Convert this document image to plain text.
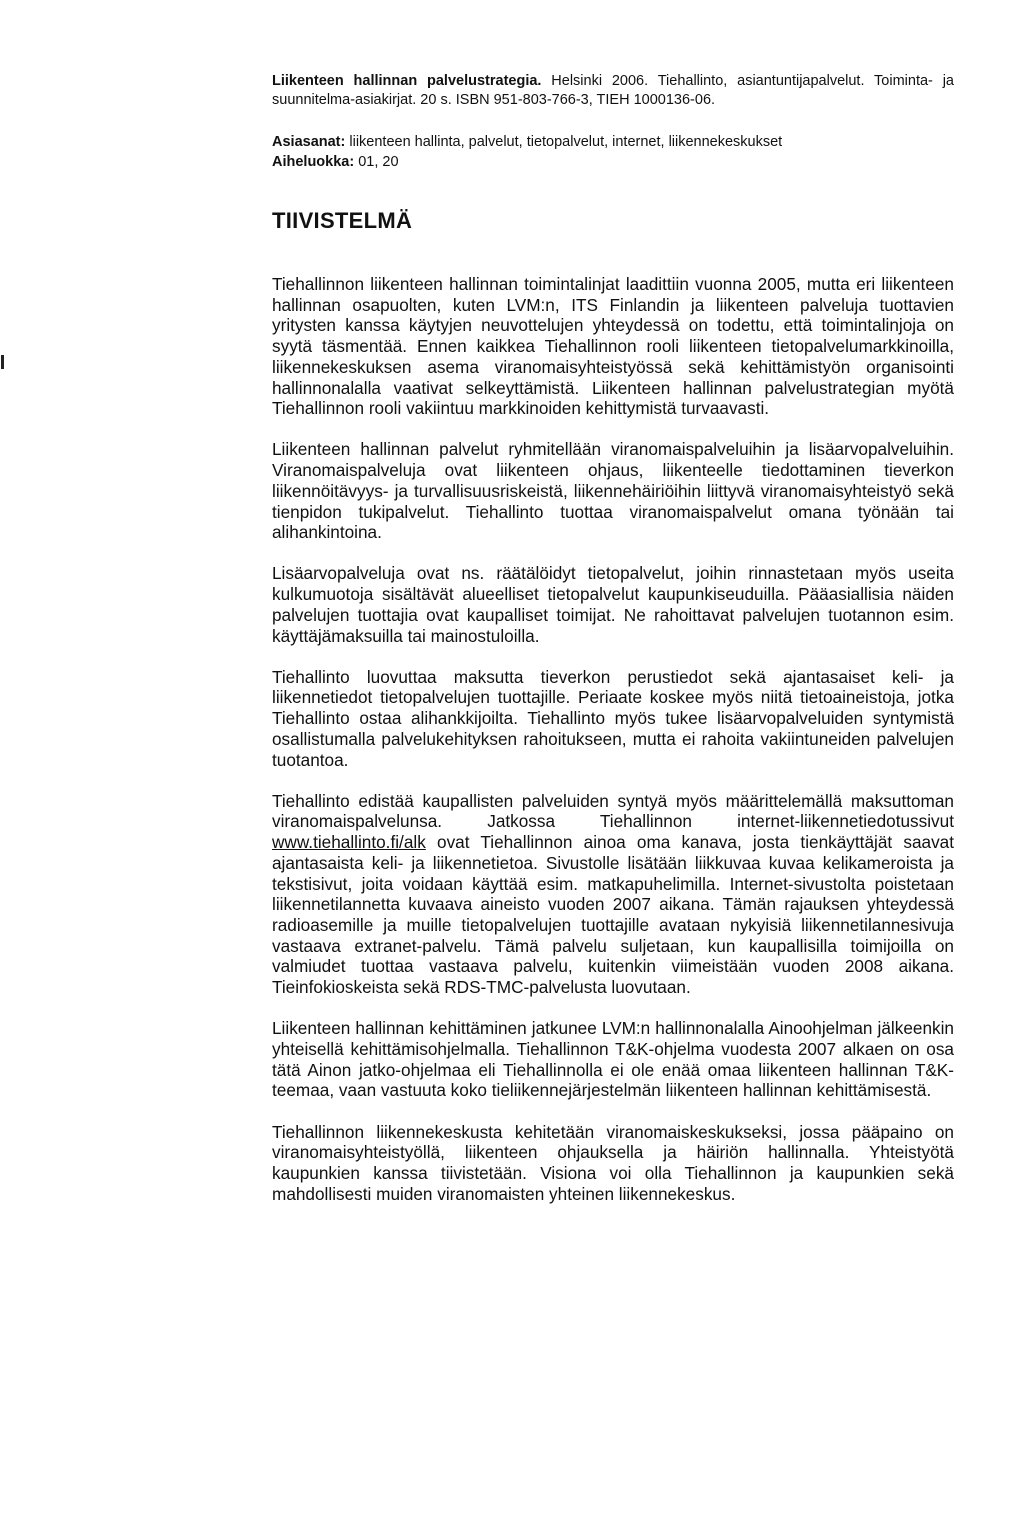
Liikenteen hallinnan palvelustrategia. Helsinki 2006. Tiehallinto, asiantuntijapalvelut. Toiminta- ja suunnitelma-asiakirjat. 20 s. ISBN 951-803-766-3, TIEH 1000136-06.

Asiasanat: liikenteen hallinta, palvelut, tietopalvelut, internet, liikennekeskukset
Aiheluokka: 01, 20
TIIVISTELMÄ

Tiehallinnon liikenteen hallinnan toimintalinjat laadittiin vuonna 2005, mutta eri liikenteen hallinnan osapuolten, kuten LVM:n, ITS Finlandin ja liikenteen palveluja tuottavien yritysten kanssa käytyjen neuvottelujen yhteydessä on todettu, että toimintalinjoja on syytä täsmentää. Ennen kaikkea Tiehallinnon rooli liikenteen tietopalvelumarkkinoilla, liikennekeskuksen asema viranomaisyhteistyössä sekä kehittämistyön organisointi hallinnonalalla vaativat selkeyttämistä. Liikenteen hallinnan palvelustrategian myötä Tiehallinnon rooli vakiintuu markkinoiden kehittymistä turvaavasti.

Liikenteen hallinnan palvelut ryhmitellään viranomaispalveluihin ja lisäarvopalveluihin. Viranomaispalveluja ovat liikenteen ohjaus, liikenteelle tiedottaminen tieverkon liikennöitävyys- ja turvallisuusriskeistä, liikennehäiriöihin liittyvä viranomaisyhteistyö sekä tienpidon tukipalvelut. Tiehallinto tuottaa viranomaispalvelut omana työnään tai alihankintoina.

Lisäarvopalveluja ovat ns. räätälöidyt tietopalvelut, joihin rinnastetaan myös useita kulkumuotoja sisältävät alueelliset tietopalvelut kaupunkiseuduilla. Pääasiallisia näiden palvelujen tuottajia ovat kaupalliset toimijat. Ne rahoittavat palvelujen tuotannon esim. käyttäjämaksuilla tai mainostuloilla.

Tiehallinto luovuttaa maksutta tieverkon perustiedot sekä ajantasaiset keli- ja liikennetiedot tietopalvelujen tuottajille. Periaate koskee myös niitä tietoaineistoja, jotka Tiehallinto ostaa alihankkijoilta. Tiehallinto myös tukee lisäarvopalveluiden syntymistä osallistumalla palvelukehityksen rahoitukseen, mutta ei rahoita vakiintuneiden palvelujen tuotantoa.

Tiehallinto edistää kaupallisten palveluiden syntyä myös määrittelemällä maksuttoman viranomaispalvelunsa. Jatkossa Tiehallinnon internet-liikennetiedotussivut www.tiehallinto.fi/alk ovat Tiehallinnon ainoa oma kanava, josta tienkäyttäjät saavat ajantasaista keli- ja liikennetietoa. Sivustolle lisätään liikkuvaa kuvaa kelikameroista ja tekstisivut, joita voidaan käyttää esim. matkapuhelimilla. Internet-sivustolta poistetaan liikennetilannetta kuvaava aineisto vuoden 2007 aikana. Tämän rajauksen yhteydessä radioasemille ja muille tietopalvelujen tuottajille avataan nykyisiä liikennetilannesivuja vastaava extranet-palvelu. Tämä palvelu suljetaan, kun kaupallisilla toimijoilla on valmiudet tuottaa vastaava palvelu, kuitenkin viimeistään vuoden 2008 aikana. Tieinfokioskeista sekä RDS-TMC-palvelusta luovutaan.

Liikenteen hallinnan kehittäminen jatkunee LVM:n hallinnonalalla Ainoohjelman jälkeenkin yhteisellä kehittämisohjelmalla. Tiehallinnon T&K-ohjelma vuodesta 2007 alkaen on osa tätä Ainon jatko-ohjelmaa eli Tiehallinnolla ei ole enää omaa liikenteen hallinnan T&K-teemaa, vaan vastuuta koko tieliikennejärjestelmän liikenteen hallinnan kehittämisestä.

Tiehallinnon liikennekeskusta kehitetään viranomaiskeskukseksi, jossa pääpaino on viranomaisyhteistyöllä, liikenteen ohjauksella ja häiriön hallinnalla. Yhteistyötä kaupunkien kanssa tiivistetään. Visiona voi olla Tiehallinnon ja kaupunkien sekä mahdollisesti muiden viranomaisten yhteinen liikennekeskus.
